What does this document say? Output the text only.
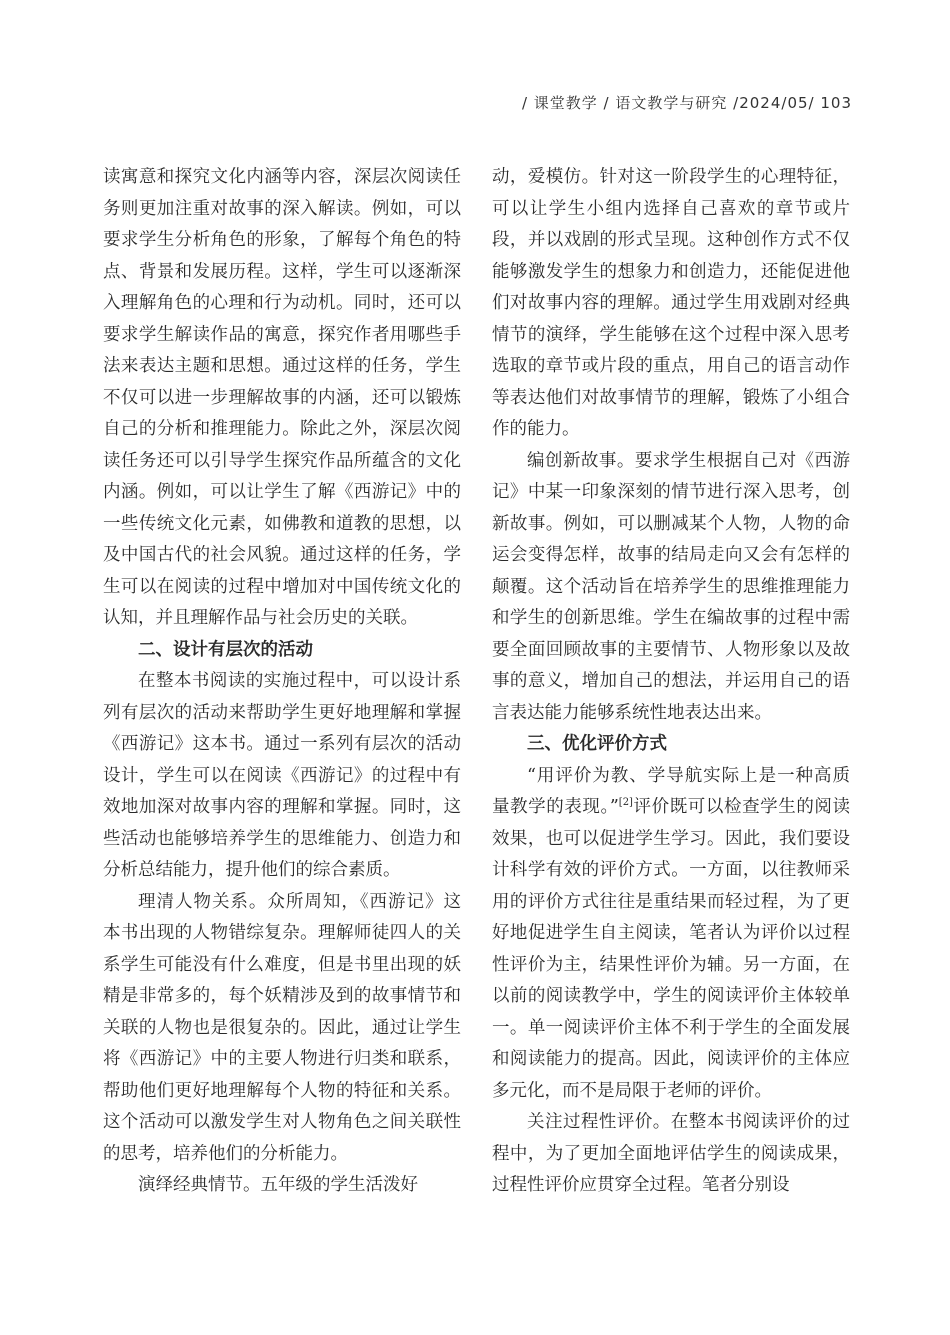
/ 课堂教学 / 语文教学与研究 /2024/05/ 103

读寓意和探究文化内涵等内容，深层次阅读任务则更加注重对故事的深入解读。例如，可以要求学生分析角色的形象，了解每个角色的特点、背景和发展历程。这样，学生可以逐渐深入理解角色的心理和行为动机。同时，还可以要求学生解读作品的寓意，探究作者用哪些手法来表达主题和思想。通过这样的任务，学生不仅可以进一步理解故事的内涵，还可以锻炼自己的分析和推理能力。除此之外，深层次阅读任务还可以引导学生探究作品所蕴含的文化内涵。例如，可以让学生了解《西游记》中的一些传统文化元素，如佛教和道教的思想，以及中国古代的社会风貌。通过这样的任务，学生可以在阅读的过程中增加对中国传统文化的认知，并且理解作品与社会历史的关联。

二、设计有层次的活动

在整本书阅读的实施过程中，可以设计系列有层次的活动来帮助学生更好地理解和掌握《西游记》这本书。通过一系列有层次的活动设计，学生可以在阅读《西游记》的过程中有效地加深对故事内容的理解和掌握。同时，这些活动也能够培养学生的思维能力、创造力和分析总结能力，提升他们的综合素质。

理清人物关系。众所周知，《西游记》这本书出现的人物错综复杂。理解师徒四人的关系学生可能没有什么难度，但是书里出现的妖精是非常多的，每个妖精涉及到的故事情节和关联的人物也是很复杂的。因此，通过让学生将《西游记》中的主要人物进行归类和联系，帮助他们更好地理解每个人物的特征和关系。这个活动可以激发学生对人物角色之间关联性的思考，培养他们的分析能力。

演绎经典情节。五年级的学生活泼好

动，爱模仿。针对这一阶段学生的心理特征，可以让学生小组内选择自己喜欢的章节或片段，并以戏剧的形式呈现。这种创作方式不仅能够激发学生的想象力和创造力，还能促进他们对故事内容的理解。通过学生用戏剧对经典情节的演绎，学生能够在这个过程中深入思考选取的章节或片段的重点，用自己的语言动作等表达他们对故事情节的理解，锻炼了小组合作的能力。

编创新故事。要求学生根据自己对《西游记》中某一印象深刻的情节进行深入思考，创新故事。例如，可以删减某个人物，人物的命运会变得怎样，故事的结局走向又会有怎样的颠覆。这个活动旨在培养学生的思维推理能力和学生的创新思维。学生在编故事的过程中需要全面回顾故事的主要情节、人物形象以及故事的意义，增加自己的想法，并运用自己的语言表达能力能够系统性地表达出来。

三、优化评价方式

“用评价为教、学导航实际上是一种高质量教学的表现。”[2]评价既可以检查学生的阅读效果，也可以促进学生学习。因此，我们要设计科学有效的评价方式。一方面，以往教师采用的评价方式往往是重结果而轻过程，为了更好地促进学生自主阅读，笔者认为评价以过程性评价为主，结果性评价为辅。另一方面，在以前的阅读教学中，学生的阅读评价主体较单一。单一阅读评价主体不利于学生的全面发展和阅读能力的提高。因此，阅读评价的主体应多元化，而不是局限于老师的评价。

关注过程性评价。在整本书阅读评价的过程中，为了更加全面地评估学生的阅读成果，过程性评价应贯穿全过程。笔者分别设
